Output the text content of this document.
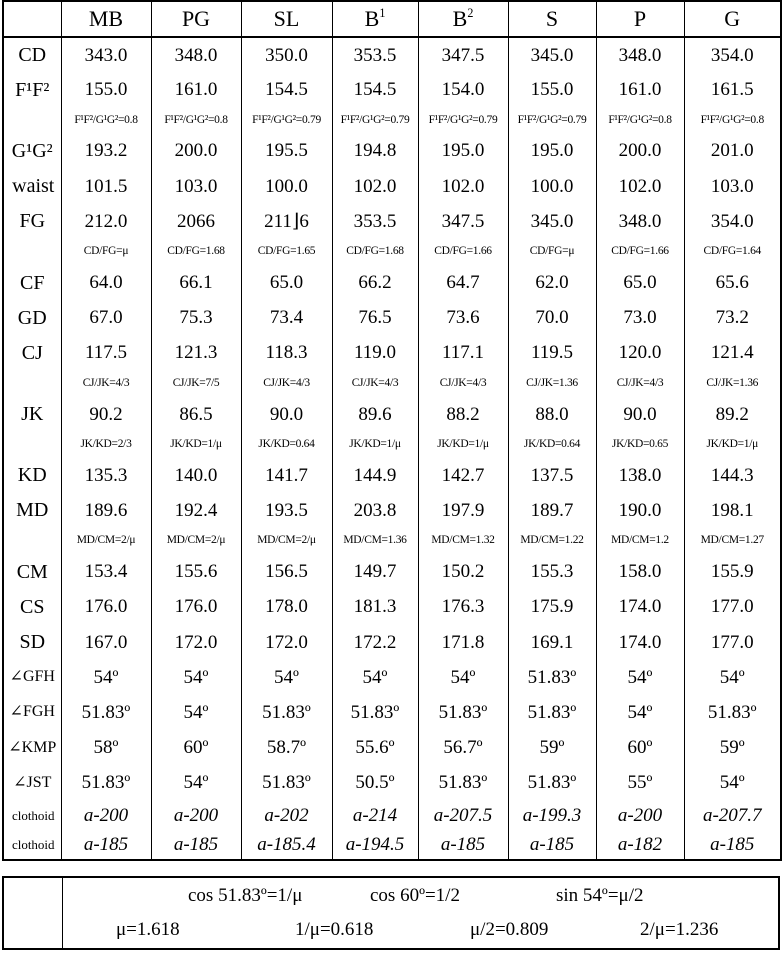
	MB	PG	SL	$B^1$	$B^2$	S	P	G
CD	343.0	348.0	350.0	353.5	347.5	345.0	348.0	354.0
F¹F²	155.0	161.0	154.5	154.5	154.0	155.0	161.0	161.5
	F¹F²/G¹G²=0.8	F¹F²/G¹G²=0.8	F¹F²/G¹G²=0.79	F¹F²/G¹G²=0.79	F¹F²/G¹G²=0.79	F¹F²/G¹G²=0.79	F¹F²/G¹G²=0.8	F¹F²/G¹G²=0.8
G¹G²	193.2	200.0	195.5	194.8	195.0	195.0	200.0	201.0
waist	101.5	103.0	100.0	102.0	102.0	100.0	102.0	103.0
FG	212.0	2066	211⌋6	353.5	347.5	345.0	348.0	354.0
	CD/FG=μ	CD/FG=1.68	CD/FG=1.65	CD/FG=1.68	CD/FG=1.66	CD/FG=μ	CD/FG=1.66	CD/FG=1.64
CF	64.0	66.1	65.0	66.2	64.7	62.0	65.0	65.6
GD	67.0	75.3	73.4	76.5	73.6	70.0	73.0	73.2
CJ	117.5	121.3	118.3	119.0	117.1	119.5	120.0	121.4
	CJ/JK=4/3	CJ/JK=7/5	CJ/JK=4/3	CJ/JK=4/3	CJ/JK=4/3	CJ/JK=1.36	CJ/JK=4/3	CJ/JK=1.36
JK	90.2	86.5	90.0	89.6	88.2	88.0	90.0	89.2
	JK/KD=2/3	JK/KD=1/μ	JK/KD=0.64	JK/KD=1/μ	JK/KD=1/μ	JK/KD=0.64	JK/KD=0.65	JK/KD=1/μ
KD	135.3	140.0	141.7	144.9	142.7	137.5	138.0	144.3
MD	189.6	192.4	193.5	203.8	197.9	189.7	190.0	198.1
	MD/CM=2/μ	MD/CM=2/μ	MD/CM=2/μ	MD/CM=1.36	MD/CM=1.32	MD/CM=1.22	MD/CM=1.2	MD/CM=1.27
CM	153.4	155.6	156.5	149.7	150.2	155.3	158.0	155.9
CS	176.0	176.0	178.0	181.3	176.3	175.9	174.0	177.0
SD	167.0	172.0	172.0	172.2	171.8	169.1	174.0	177.0
∠GFH	54º	54º	54º	54º	54º	51.83º	54º	54º
∠FGH	51.83º	54º	51.83º	51.83º	51.83º	51.83º	54º	51.83º
∠KMP	58º	60º	58.7º	55.6º	56.7º	59º	60º	59º
∠JST	51.83º	54º	51.83º	50.5º	51.83º	51.83º	55º	54º
clothoid	a-200	a-200	a-202	a-214	a-207.5	a-199.3	a-200	a-207.7
clothoid	a-185	a-185	a-185.4	a-194.5	a-185	a-185	a-182	a-185
cos 51.83º=1/μ	cos 60º=1/2	sin 54º=μ/2
μ=1.618	1/μ=0.618	μ/2=0.809	2/μ=1.236
